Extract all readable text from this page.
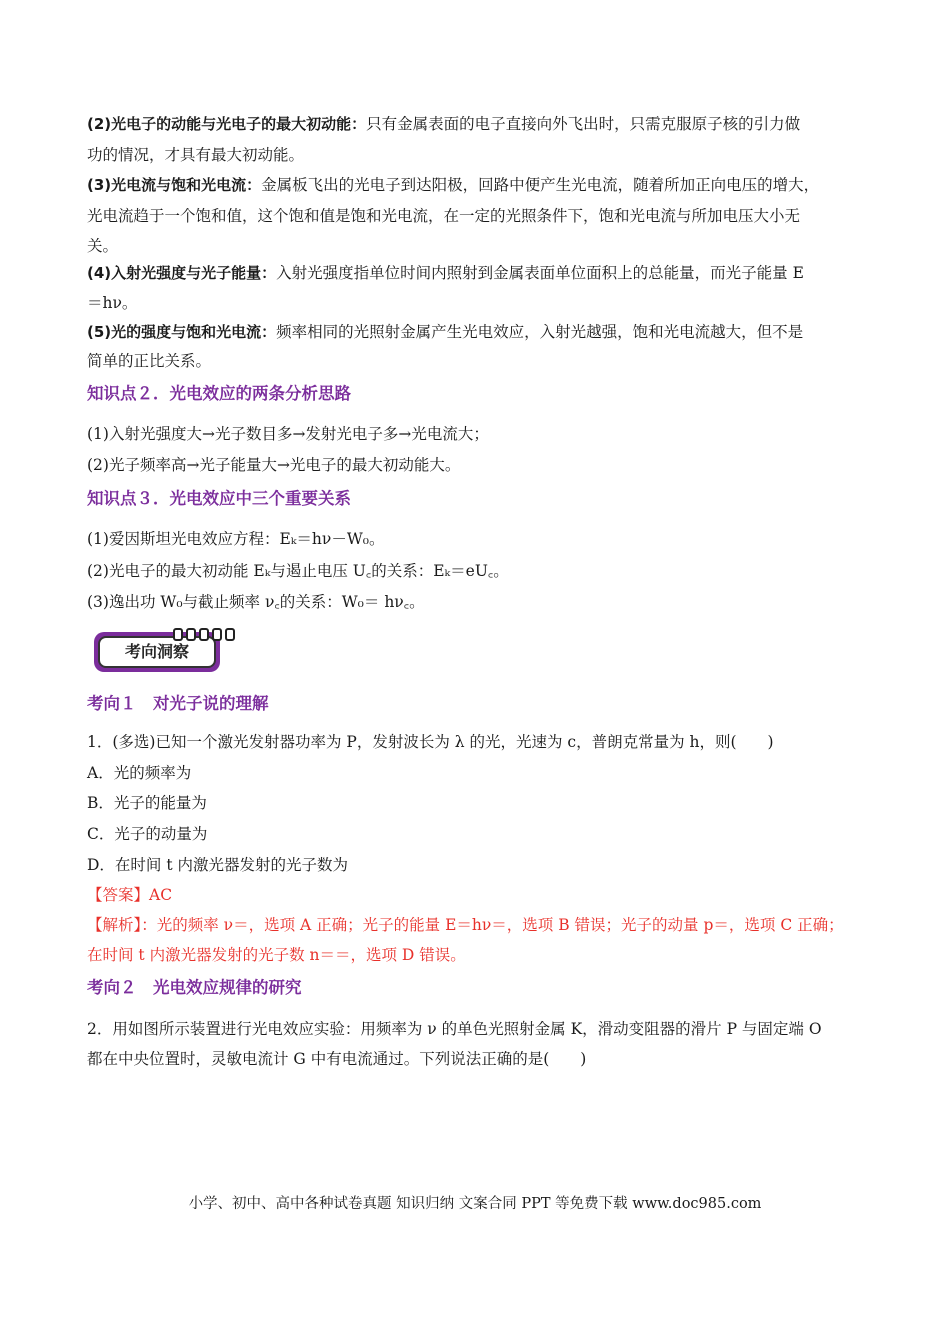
(2)光电子的动能与光电子的最大初动能：只有金属表面的电子直接向外飞出时，只需克服原子核的引力做
功的情况，才具有最大初动能。
(3)光电流与饱和光电流：金属板飞出的光电子到达阳极，回路中便产生光电流，随着所加正向电压的增大，
光电流趋于一个饱和值，这个饱和值是饱和光电流，在一定的光照条件下，饱和光电流与所加电压大小无
关。
(4)入射光强度与光子能量：入射光强度指单位时间内照射到金属表面单位面积上的总能量，而光子能量 E
＝hν。
(5)光的强度与饱和光电流：频率相同的光照射金属产生光电效应，入射光越强，饱和光电流越大，但不是
简单的正比关系。
知识点２．光电效应的两条分析思路
(1)入射光强度大→光子数目多→发射光电子多→光电流大；
(2)光子频率高→光子能量大→光电子的最大初动能大。
知识点３．光电效应中三个重要关系
(1)爱因斯坦光电效应方程：Eₖ＝hν－W₀。
(2)光电子的最大初动能 Eₖ与遏止电压 U꜀的关系：Eₖ＝eU꜀。
(3)逸出功 W₀与截止频率 ν꜀的关系：W₀＝ hν꜀。
考向洞察
考向１　对光子说的理解
1．(多选)已知一个激光发射器功率为 P，发射波长为 λ 的光，光速为 c，普朗克常量为 h，则(　　)
A．光的频率为
B．光子的能量为
C．光子的动量为
D．在时间 t 内激光器发射的光子数为
【答案】AC
【解析】：光的频率 ν＝，选项 A 正确；光子的能量 E＝hν＝，选项 B 错误；光子的动量 p＝，选项 C 正确；
在时间 t 内激光器发射的光子数 n＝＝，选项 D 错误。
考向２　光电效应规律的研究
2．用如图所示装置进行光电效应实验：用频率为 ν 的单色光照射金属 K，滑动变阻器的滑片 P 与固定端 O
都在中央位置时，灵敏电流计 G 中有电流通过。下列说法正确的是(　　)
小学、初中、高中各种试卷真题 知识归纳 文案合同 PPT 等免费下载 www.doc985.com
